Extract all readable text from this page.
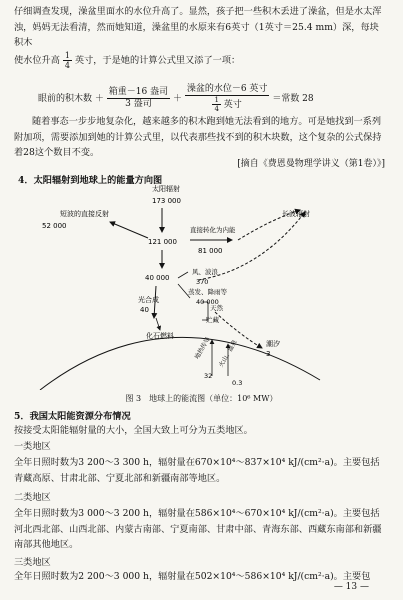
仔细调查发现，澡盆里面水的水位升高了。显然，孩子把一些积木丢进了澡盆，但是水太浑浊，妈妈无法看清，然而她知道，澡盆里的水原来有6英寸（1英寸＝25.4 mm）深，每块积木
使水位升高 $\frac{1}{4}$ 英寸，于是她的计算公式里又添了一项：
眼前的积木数 ＋ $\frac{\text{箱重－16 盎司}}{\text{3 盎司}} + \frac{\text{澡盆的水位－6 英寸}}{\frac{1}{4} 英寸}$ ＝常数 28
随着事态一步步地复杂化，越来越多的积木跑到她无法看到的地方。可是她找到一系列附加项，需要添加到她的计算公式里，以代表那些找不到的积木块数，这个复杂的公式保持着28这个数目不变。
[摘自《费恩曼物理学讲义（第1卷）》]
4．太阳辐射到地球上的能量方向图
太阳辐射
173 000
短波的直接反射
52 000
121 000
直接转化为内能
81 000
长波辐射
40 000
风、波浪
370
蒸发、降雨等
40 000
光合成
40	天然
贮藏
化石燃料
潮汐
3
地热传导
32
火山、温泉
0.3
图 3　地球上的能流图（单位：10⁶ MW）
5．我国太阳能资源分布情况
按接受太阳能辐射量的大小，全国大致上可分为五类地区。
一类地区
全年日照时数为3 200～3 300 h，辐射量在670×10⁴～837×10⁴ kJ/(cm²·a)。主要包括青藏高原、甘肃北部、宁夏北部和新疆南部等地区。
二类地区
全年日照时数为3 000～3 200 h，辐射量在586×10⁴～670×10⁴ kJ/(cm²·a)。主要包括河北西北部、山西北部、内蒙古南部、宁夏南部、甘肃中部、青海东部、西藏东南部和新疆南部其他地区。
三类地区
全年日照时数为2 200～3 000 h，辐射量在502×10⁴～586×10⁴ kJ/(cm²·a)。主要包
— 13 —
